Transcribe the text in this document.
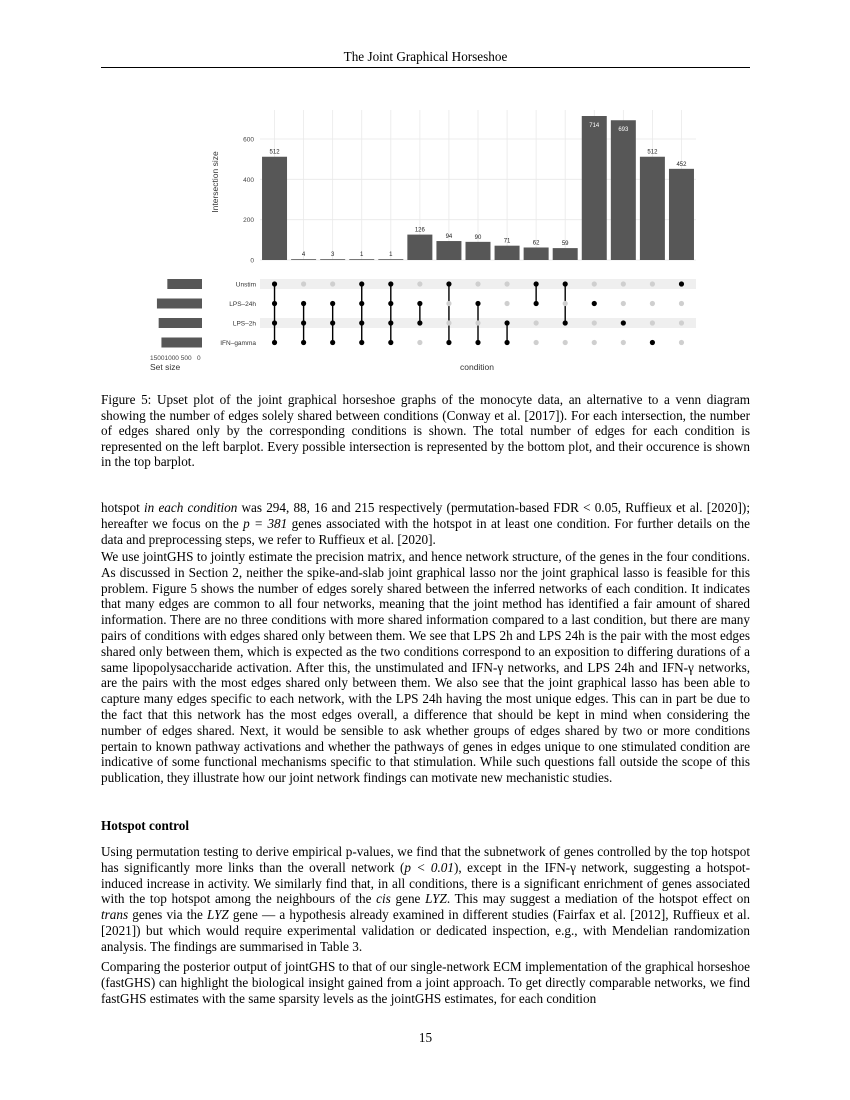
The Joint Graphical Horseshoe
0
200
400
600
512
4	3	1	1
126
94	90
71	62	59
714
693
512
452
Unstim
LPS–24h
LPS–2h
IFN–gamma
Intersection size
condition
Set size
15001000 500   0

Figure 5: Upset plot of the joint graphical horseshoe graphs of the monocyte data, an alternative to a venn diagram showing the number of edges solely shared between conditions (Conway et al. [2017]). For each intersection, the number of edges shared only by the corresponding conditions is shown. The total number of edges for each condition is represented on the left barplot. Every possible intersection is represented by the bottom plot, and their occurence is shown in the top barplot.

hotspot in each condition was 294, 88, 16 and 215 respectively (permutation-based FDR < 0.05, Ruffieux et al. [2020]); hereafter we focus on the p = 381 genes associated with the hotspot in at least one condition. For further details on the data and preprocessing steps, we refer to Ruffieux et al. [2020].

We use jointGHS to jointly estimate the precision matrix, and hence network structure, of the genes in the four conditions. As discussed in Section 2, neither the spike-and-slab joint graphical lasso nor the joint graphical lasso is feasible for this problem. Figure 5 shows the number of edges sorely shared between the inferred networks of each condition. It indicates that many edges are common to all four networks, meaning that the joint method has identified a fair amount of shared information. There are no three conditions with more shared information compared to a last condition, but there are many pairs of conditions with edges shared only between them. We see that LPS 2h and LPS 24h is the pair with the most edges shared only between them, which is expected as the two conditions correspond to an exposition to differing durations of a same lipopolysaccharide activation. After this, the unstimulated and IFN-γ networks, and LPS 24h and IFN-γ networks, are the pairs with the most edges shared only between them. We also see that the joint graphical lasso has been able to capture many edges specific to each network, with the LPS 24h having the most unique edges. This can in part be due to the fact that this network has the most edges overall, a difference that should be kept in mind when considering the number of edges shared. Next, it would be sensible to ask whether groups of edges shared by two or more conditions pertain to known pathway activations and whether the pathways of genes in edges unique to one stimulated condition are indicative of some functional mechanisms specific to that stimulation. While such questions fall outside the scope of this publication, they illustrate how our joint network findings can motivate new mechanistic studies.

Hotspot control

Using permutation testing to derive empirical p-values, we find that the subnetwork of genes controlled by the top hotspot has significantly more links than the overall network (p < 0.01), except in the IFN-γ network, suggesting a hotspot-induced increase in activity. We similarly find that, in all conditions, there is a significant enrichment of genes associated with the top hotspot among the neighbours of the cis gene LYZ. This may suggest a mediation of the hotspot effect on trans genes via the LYZ gene — a hypothesis already examined in different studies (Fairfax et al. [2012], Ruffieux et al. [2021]) but which would require experimental validation or dedicated inspection, e.g., with Mendelian randomization analysis. The findings are summarised in Table 3.

Comparing the posterior output of jointGHS to that of our single-network ECM implementation of the graphical horseshoe (fastGHS) can highlight the biological insight gained from a joint approach. To get directly comparable networks, we find fastGHS estimates with the same sparsity levels as the jointGHS estimates, for each condition

15
